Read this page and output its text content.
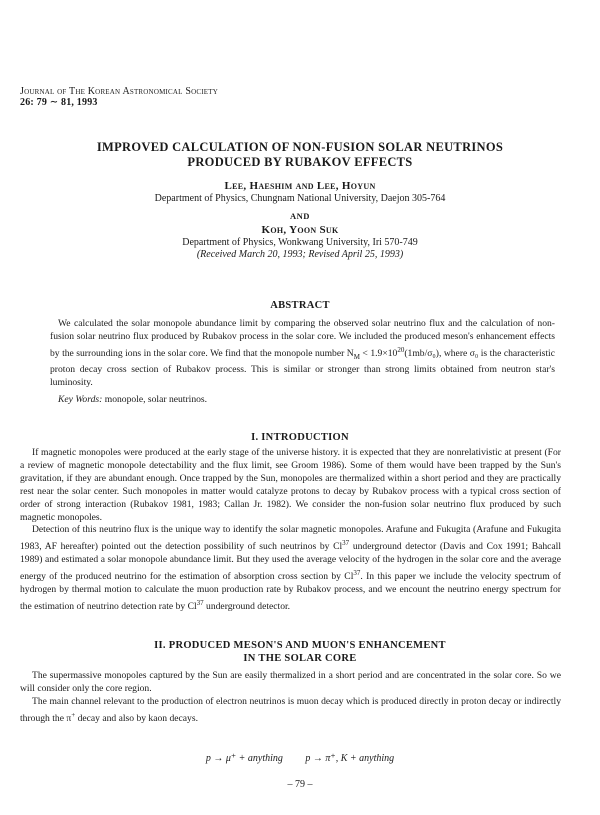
Journal of The Korean Astronomical Society
26: 79 ∼ 81, 1993
IMPROVED CALCULATION OF NON-FUSION SOLAR NEUTRINOS
PRODUCED BY RUBAKOV EFFECTS
Lee, Haeshim and Lee, Hoyun
Department of Physics, Chungnam National University, Daejon 305-764
AND
Koh, Yoon Suk
Department of Physics, Wonkwang University, Iri 570-749
(Received March 20, 1993; Revised April 25, 1993)
ABSTRACT

We calculated the solar monopole abundance limit by comparing the observed solar neutrino flux and the calculation of non-fusion solar neutrino flux produced by Rubakov process in the solar core. We included the produced meson's enhancement effects by the surrounding ions in the solar core. We find that the monopole number $N_M < 1.9\times 10^{20}(1mb/\sigma_0)$, where σ₀ is the characteristic proton decay cross section of Rubakov process. This is similar or stronger than strong limits obtained from neutron star's luminosity.

Key Words: monopole, solar neutrinos.
I. INTRODUCTION

If magnetic monopoles were produced at the early stage of the universe history. it is expected that they are nonrelativistic at present (For a review of magnetic monopole detectability and the flux limit, see Groom 1986). Some of them would have been trapped by the Sun's gravitation, if they are abundant enough. Once trapped by the Sun, monopoles are thermalized within a short period and they are practically rest near the solar center. Such monopoles in matter would catalyze protons to decay by Rubakov process with a typical cross section of order of strong interaction (Rubakov 1981, 1983; Callan Jr. 1982). We consider the non-fusion solar neutrino flux produced by such magnetic monopoles.

Detection of this neutrino flux is the unique way to identify the solar magnetic monopoles. Arafune and Fukugita (Arafune and Fukugita 1983, AF hereafter) pointed out the detection possibility of such neutrinos by Cl$^{37}$ underground detector (Davis and Cox 1991; Bahcall 1989) and estimated a solar monopole abundance limit. But they used the average velocity of the hydrogen in the solar core and the average energy of the produced neutrino for the estimation of absorption cross section by Cl$^{37}$. In this paper we include the velocity spectrum of hydrogen by thermal motion to calculate the muon production rate by Rubakov process, and we encount the neutrino energy spectrum for the estimation of neutrino detection rate by Cl$^{37}$ underground detector.

II. PRODUCED MESON'S AND MUON'S ENHANCEMENT
IN THE SOLAR CORE

The supermassive monopoles captured by the Sun are easily thermalized in a short period and are concentrated in the solar core. So we will consider only the core region.

The main channel relevant to the production of electron neutrinos is muon decay which is produced directly in proton decay or indirectly through the π+ decay and also by kaon decays.

p → μ⁺ + anything p → π⁺, K + anything
– 79 –
